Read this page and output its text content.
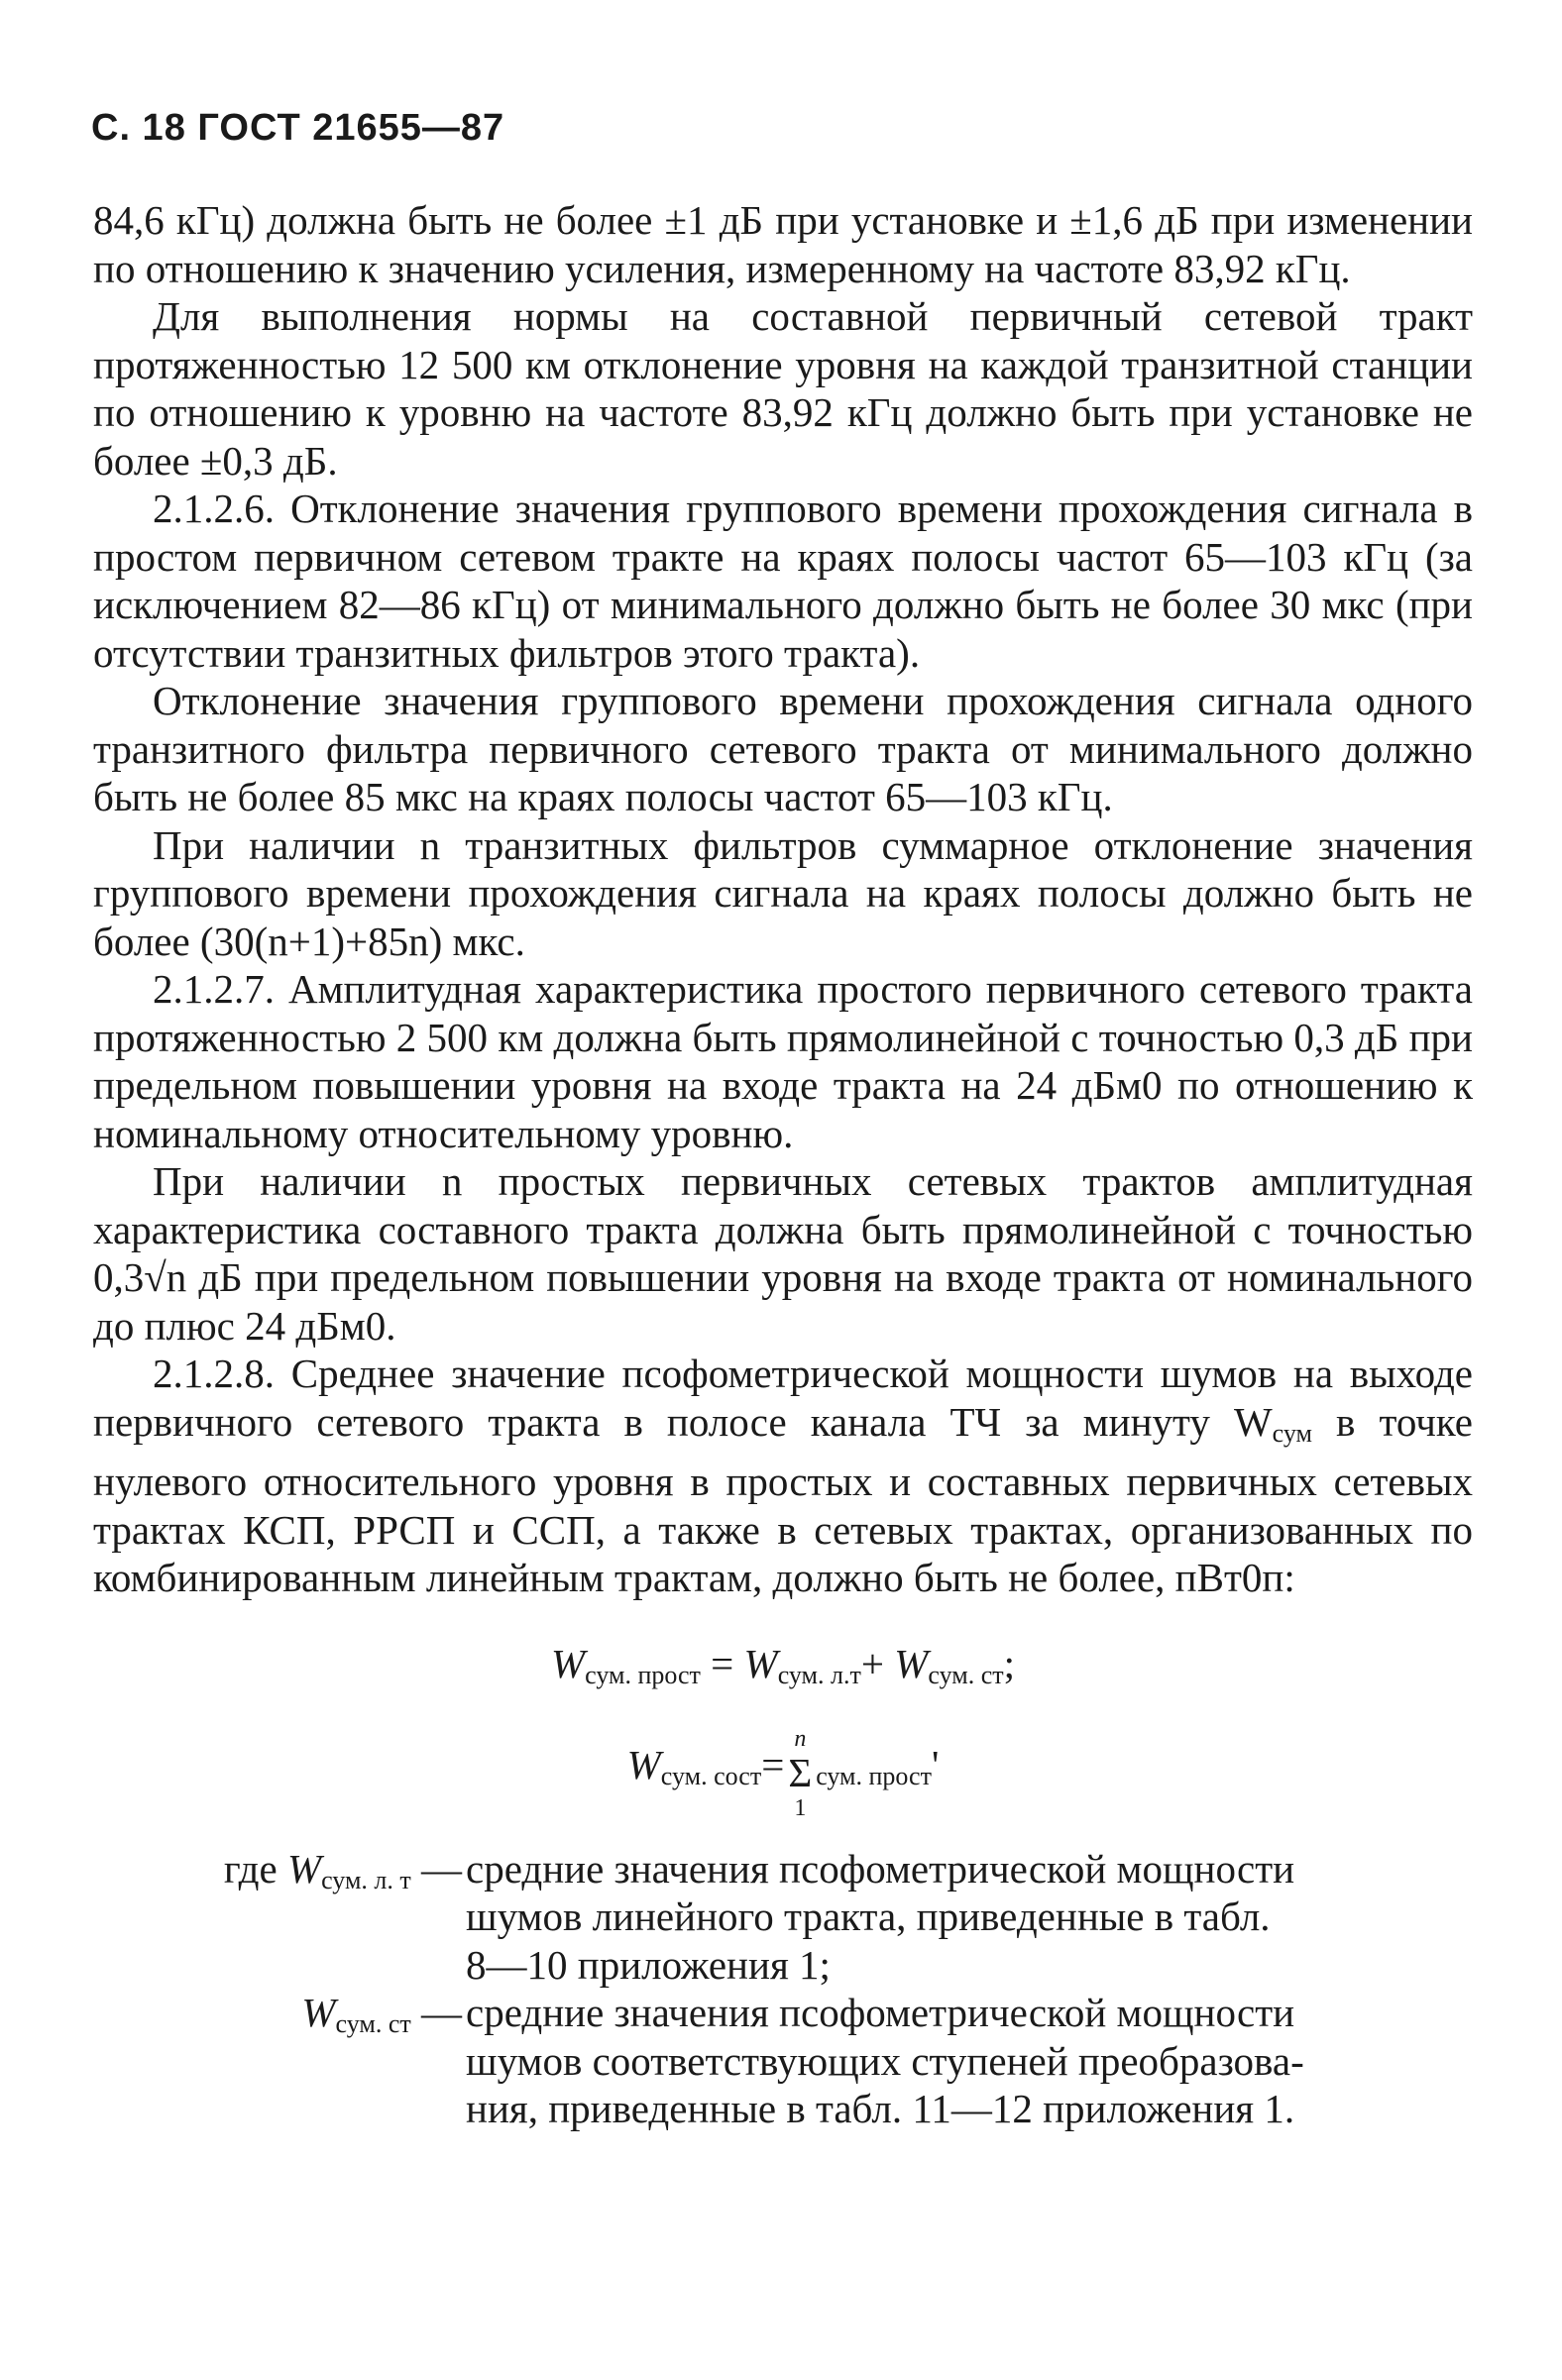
С. 18 ГОСТ 21655—87

84,6 кГц) должна быть не более ±1 дБ при установке и ±1,6 дБ при изменении по отношению к значению усиления, измеренному на частоте 83,92 кГц.

Для выполнения нормы на составной первичный сетевой тракт протяженностью 12 500 км отклонение уровня на каждой транзитной станции по отношению к уровню на частоте 83,92 кГц должно быть при установке не более ±0,3 дБ.

2.1.2.6. Отклонение значения группового времени прохождения сигнала в простом первичном сетевом тракте на краях полосы частот 65—103 кГц (за исключением 82—86 кГц) от минимального должно быть не более 30 мкс (при отсутствии транзитных фильтров этого тракта).

Отклонение значения группового времени прохождения сигнала одного транзитного фильтра первичного сетевого тракта от минимального должно быть не более 85 мкс на краях полосы частот 65—103 кГц.

При наличии n транзитных фильтров суммарное отклонение значения группового времени прохождения сигнала на краях полосы должно быть не более (30(n+1)+85n) мкс.

2.1.2.7. Амплитудная характеристика простого первичного сетевого тракта протяженностью 2 500 км должна быть прямолинейной с точностью 0,3 дБ при предельном повышении уровня на входе тракта на 24 дБм0 по отношению к номинальному относительному уровню.

При наличии n простых первичных сетевых трактов амплитудная характеристика составного тракта должна быть прямолинейной с точностью 0,3√n дБ при предельном повышении уровня на входе тракта от номинального до плюс 24 дБм0.

2.1.2.8. Среднее значение псофометрической мощности шумов на выходе первичного сетевого тракта в полосе канала ТЧ за минуту $W_{сум}$ в точке нулевого относительного уровня в простых и составных первичных сетевых трактах КСП, РРСП и ССП, а также в сетевых трактах, организованных по комбинированным линейным трактам, должно быть не более, пВт0п:

$W_{сум. прост} = W_{сум. л.т}+ W_{сум. ст}$;
$W_{сум. сост}=$
n
Σ
1
$_{сум. прост}$'
где $W_{сум. л. т}$ — средние значения псофометрической мощности
шумов линейного тракта, приведенные в табл.
8—10 приложения 1;
$W_{сум. ст}$ — средние значения псофометрической мощности
шумов соответствующих ступеней преобразова-
ния, приведенные в табл. 11—12 приложения 1.
